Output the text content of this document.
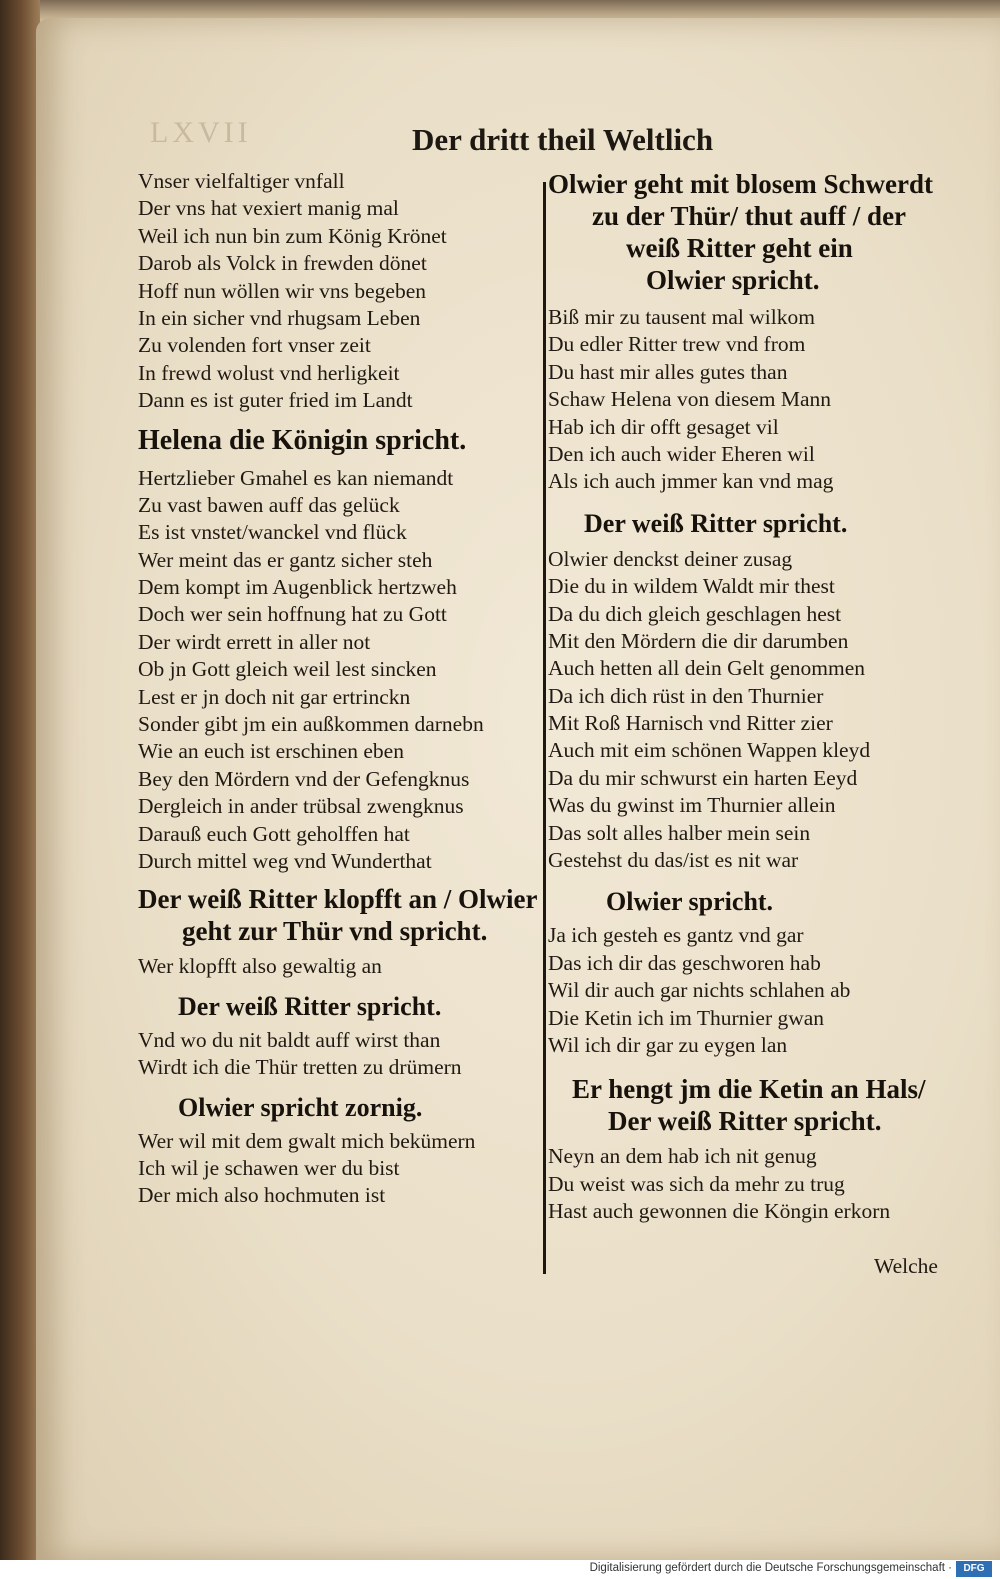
LXVII	Der dritt theil Weltlich
Vnser vielfaltiger vnfall
Der vns hat vexiert manig mal
Weil ich nun bin zum König Krönet
Darob als Volck in frewden dönet
Hoff nun wöllen wir vns begeben
In ein sicher vnd rhugsam Leben
Zu volenden fort vnser zeit
In frewd wolust vnd herligkeit
Dann es ist guter fried im Landt
Helena die Königin spricht.
Hertzlieber Gmahel es kan niemandt
Zu vast bawen auff das gelück
Es ist vnstet/wanckel vnd flück
Wer meint das er gantz sicher steh
Dem kompt im Augenblick hertzweh
Doch wer sein hoffnung hat zu Gott
Der wirdt errett in aller not
Ob jn Gott gleich weil lest sincken
Lest er jn doch nit gar ertrinckn
Sonder gibt jm ein außkommen darnebn
Wie an euch ist erschinen eben
Bey den Mördern vnd der Gefengknus
Dergleich in ander trübsal zwengknus
Darauß euch Gott geholffen hat
Durch mittel weg vnd Wunderthat
Der weiß Ritter klopfft an / Olwier
geht zur Thür vnd spricht.
Wer klopfft also gewaltig an
Der weiß Ritter spricht.
Vnd wo du nit baldt auff wirst than
Wirdt ich die Thür tretten zu drümern
Olwier spricht zornig.
Wer wil mit dem gwalt mich bekümern
Ich wil je schawen wer du bist
Der mich also hochmuten ist
Olwier geht mit blosem Schwerdt
zu der Thür/ thut auff / der
weiß Ritter geht ein
Olwier spricht.
Biß mir zu tausent mal wilkom
Du edler Ritter trew vnd from
Du hast mir alles gutes than
Schaw Helena von diesem Mann
Hab ich dir offt gesaget vil
Den ich auch wider Eheren wil
Als ich auch jmmer kan vnd mag
Der weiß Ritter spricht.
Olwier denckst deiner zusag
Die du in wildem Waldt mir thest
Da du dich gleich geschlagen hest
Mit den Mördern die dir darumben
Auch hetten all dein Gelt genommen
Da ich dich rüst in den Thurnier
Mit Roß Harnisch vnd Ritter zier
Auch mit eim schönen Wappen kleyd
Da du mir schwurst ein harten Eeyd
Was du gwinst im Thurnier allein
Das solt alles halber mein sein
Gestehst du das/ist es nit war
Olwier spricht.
Ja ich gesteh es gantz vnd gar
Das ich dir das geschworen hab
Wil dir auch gar nichts schlahen ab
Die Ketin ich im Thurnier gwan
Wil ich dir gar zu eygen lan
Er hengt jm die Ketin an Hals/
Der weiß Ritter spricht.
Neyn an dem hab ich nit genug
Du weist was sich da mehr zu trug
Hast auch gewonnen die Köngin erkorn
Welche
Digitalisierung gefördert durch die Deutsche Forschungsgemeinschaft ·	DFG
